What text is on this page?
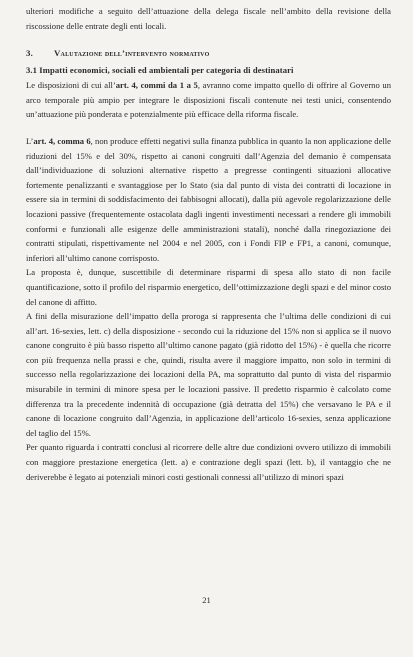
ulteriori modifiche a seguito dell’attuazione della delega fiscale nell’ambito della revisione della riscossione delle entrate degli enti locali.

3. Valutazione dell’intervento normativo
3.1 Impatti economici, sociali ed ambientali per categoria di destinatari

Le disposizioni di cui all’art. 4, commi da 1 a 5, avranno come impatto quello di offrire al Governo un arco temporale più ampio per integrare le disposizioni fiscali contenute nei testi unici, consentendo un’attuazione più ponderata e potenzialmente più efficace della riforma fiscale.

L’art. 4, comma 6, non produce effetti negativi sulla finanza pubblica in quanto la non applicazione delle riduzioni del 15% e del 30%, rispetto ai canoni congruiti dall’Agenzia del demanio è compensata dall’individuazione di soluzioni alternative rispetto a pregresse contingenti situazioni allocative fortemente penalizzanti e svantaggiose per lo Stato (sia dal punto di vista dei contratti di locazione in essere sia in termini di soddisfacimento dei fabbisogni allocati), dalla più agevole regolarizzazione delle locazioni passive (frequentemente ostacolata dagli ingenti investimenti necessari a rendere gli immobili conformi e funzionali alle esigenze delle amministrazioni statali), nonché dalla rinegoziazione dei contratti stipulati, rispettivamente nel 2004 e nel 2005, con i Fondi FIP e FP1, a canoni, comunque, inferiori all’ultimo canone corrisposto.

La proposta è, dunque, suscettibile di determinare risparmi di spesa allo stato di non facile quantificazione, sotto il profilo del risparmio energetico, dell’ottimizzazione degli spazi e del minor costo del canone di affitto.

A fini della misurazione dell’impatto della proroga si rappresenta che l’ultima delle condizioni di cui all’art. 16-sexies, lett. c) della disposizione - secondo cui la riduzione del 15% non si applica se il nuovo canone congruito è più basso rispetto all’ultimo canone pagato (già ridotto del 15%) - è quella che ricorre con più frequenza nella prassi e che, quindi, risulta avere il maggiore impatto, non solo in termini di successo nella regolarizzazione dei locazioni della PA, ma soprattutto dal punto di vista del risparmio misurabile in termini di minore spesa per le locazioni passive. Il predetto risparmio è calcolato come differenza tra la precedente indennità di occupazione (già detratta del 15%) che versavano le PA e il canone di locazione congruito dall’Agenzia, in applicazione dell’articolo 16-sexies, senza applicazione del taglio del 15%.

Per quanto riguarda i contratti conclusi al ricorrere delle altre due condizioni ovvero utilizzo di immobili con maggiore prestazione energetica (lett. a) e contrazione degli spazi (lett. b), il vantaggio che ne deriverebbe è legato ai potenziali minori costi gestionali connessi all’utilizzo di minori spazi

21
